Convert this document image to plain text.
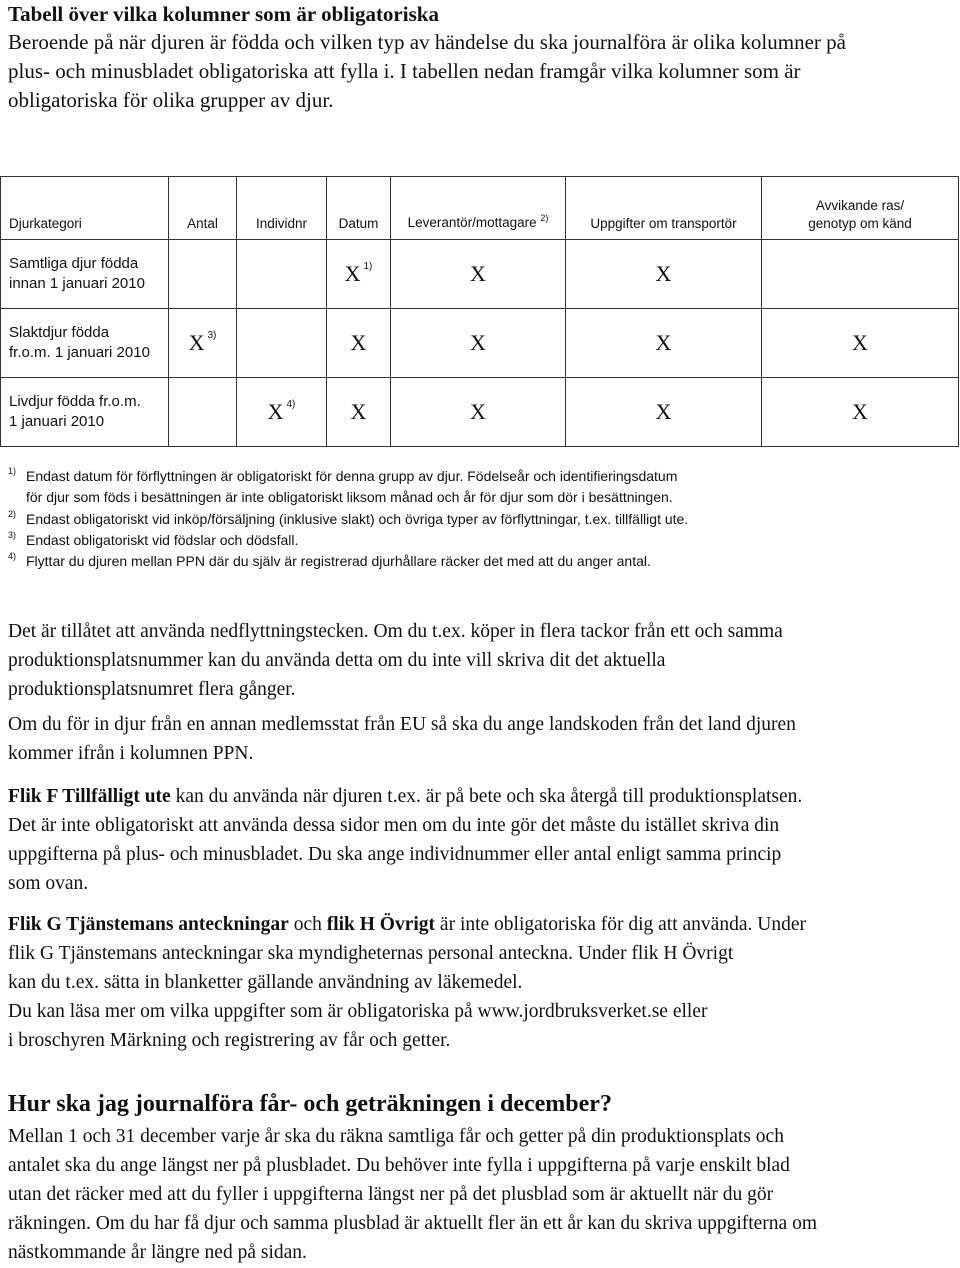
Tabell över vilka kolumner som är obligatoriska
Beroende på när djuren är födda och vilken typ av händelse du ska journalföra är olika kolumner på
plus- och minusbladet obligatoriska att fylla i. I tabellen nedan framgår vilka kolumner som är
obligatoriska för olika grupper av djur.
Djurkategori	Antal	Individnr	Datum	Leverantör/mottagare $^{2)}$	Uppgifter om transportör	Avvikande ras/
genotyp om känd
Samtliga djur födda
innan 1 januari 2010			X $^{1)}$	X	X	
Slaktdjur födda
fr.o.m. 1 januari 2010	X $^{3)}$		X	X	X	X
Livdjur födda fr.o.m.
1 januari 2010		X $^{4)}$	X	X	X	X
1) Endast datum för förflyttningen är obligatoriskt för denna grupp av djur. Födelseår och identifieringsdatum
för djur som föds i besättningen är inte obligatoriskt liksom månad och år för djur som dör i besättningen.
2) Endast obligatoriskt vid inköp/försäljning (inklusive slakt) och övriga typer av förflyttningar, t.ex. tillfälligt ute.
3) Endast obligatoriskt vid födslar och dödsfall.
4) Flyttar du djuren mellan PPN där du själv är registrerad djurhållare räcker det med att du anger antal.
Det är tillåtet att använda nedflyttningstecken. Om du t.ex. köper in flera tackor från ett och samma
produktionsplatsnummer kan du använda detta om du inte vill skriva dit det aktuella
produktionsplatsnumret flera gånger.
Om du för in djur från en annan medlemsstat från EU så ska du ange landskoden från det land djuren
kommer ifrån i kolumnen PPN.
Flik F Tillfälligt ute kan du använda när djuren t.ex. är på bete och ska återgå till produktionsplatsen.
Det är inte obligatoriskt att använda dessa sidor men om du inte gör det måste du istället skriva din
uppgifterna på plus- och minusbladet. Du ska ange individnummer eller antal enligt samma princip
som ovan.
Flik G Tjänstemans anteckningar och flik H Övrigt är inte obligatoriska för dig att använda. Under
flik G Tjänstemans anteckningar ska myndigheternas personal anteckna. Under flik H Övrigt
kan du t.ex. sätta in blanketter gällande användning av läkemedel.
Du kan läsa mer om vilka uppgifter som är obligatoriska på www.jordbruksverket.se eller
i broschyren Märkning och registrering av får och getter.
Hur ska jag journalföra får- och geträkningen i december?
Mellan 1 och 31 december varje år ska du räkna samtliga får och getter på din produktionsplats och
antalet ska du ange längst ner på plusbladet. Du behöver inte fylla i uppgifterna på varje enskilt blad
utan det räcker med att du fyller i uppgifterna längst ner på det plusblad som är aktuellt när du gör
räkningen. Om du har få djur och samma plusblad är aktuellt fler än ett år kan du skriva uppgifterna om
nästkommande år längre ned på sidan.
